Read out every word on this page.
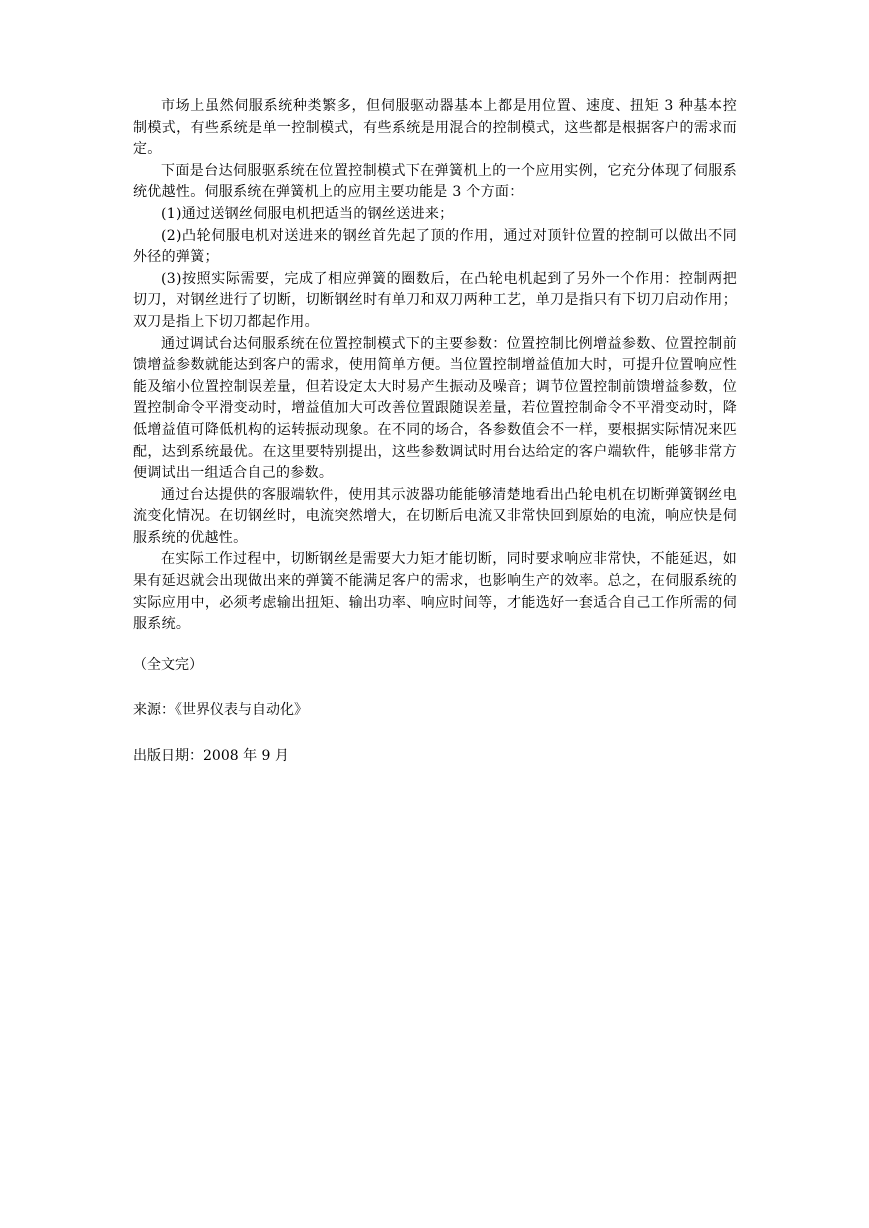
市场上虽然伺服系统种类繁多，但伺服驱动器基本上都是用位置、速度、扭矩 3 种基本控制模式，有些系统是单一控制模式，有些系统是用混合的控制模式，这些都是根据客户的需求而定。

下面是台达伺服驱系统在位置控制模式下在弹簧机上的一个应用实例，它充分体现了伺服系统优越性。伺服系统在弹簧机上的应用主要功能是 3 个方面：

(1)通过送钢丝伺服电机把适当的钢丝送进来；

(2)凸轮伺服电机对送进来的钢丝首先起了顶的作用，通过对顶针位置的控制可以做出不同外径的弹簧；

(3)按照实际需要，完成了相应弹簧的圈数后，在凸轮电机起到了另外一个作用：控制两把切刀，对钢丝进行了切断，切断钢丝时有单刀和双刀两种工艺，单刀是指只有下切刀启动作用；双刀是指上下切刀都起作用。

通过调试台达伺服系统在位置控制模式下的主要参数：位置控制比例增益参数、位置控制前馈增益参数就能达到客户的需求，使用简单方便。当位置控制增益值加大时，可提升位置响应性能及缩小位置控制误差量，但若设定太大时易产生振动及噪音；调节位置控制前馈增益参数，位置控制命令平滑变动时，增益值加大可改善位置跟随误差量，若位置控制命令不平滑变动时，降低增益值可降低机构的运转振动现象。在不同的场合，各参数值会不一样，要根据实际情况来匹配，达到系统最优。在这里要特别提出，这些参数调试时用台达给定的客户端软件，能够非常方便调试出一组适合自己的参数。

通过台达提供的客服端软件，使用其示波器功能能够清楚地看出凸轮电机在切断弹簧钢丝电流变化情况。在切钢丝时，电流突然增大，在切断后电流又非常快回到原始的电流，响应快是伺服系统的优越性。

在实际工作过程中，切断钢丝是需要大力矩才能切断，同时要求响应非常快，不能延迟，如果有延迟就会出现做出来的弹簧不能满足客户的需求，也影响生产的效率。总之，在伺服系统的实际应用中，必须考虑输出扭矩、输出功率、响应时间等，才能选好一套适合自己工作所需的伺服系统。

（全文完）

来源：《世界仪表与自动化》

出版日期：2008 年 9 月
